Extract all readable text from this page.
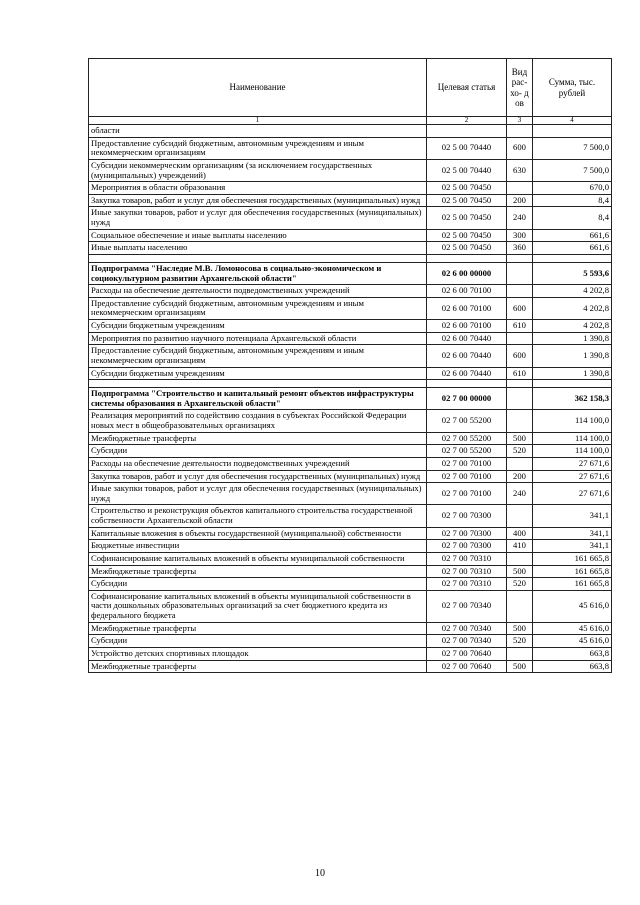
Наименование	Целевая статья	Вид рас- хо- дов	Сумма, тыс. рублей
1	2	3	4
области			
Предоставление субсидий бюджетным, автономным учреждениям и иным некоммерческим организациям	02 5 00 70440	600	7 500,0
Субсидии некоммерческим организациям (за исключением государственных (муниципальных) учреждений)	02 5 00 70440	630	7 500,0
Мероприятия в области образования	02 5 00 70450		670,0
Закупка товаров, работ и услуг для обеспечения государственных (муниципальных) нужд	02 5 00 70450	200	8,4
Иные закупки товаров, работ и услуг для обеспечения государственных (муниципальных) нужд	02 5 00 70450	240	8,4
Социальное обеспечение и иные выплаты населению	02 5 00 70450	300	661,6
Иные выплаты населению	02 5 00 70450	360	661,6

Подпрограмма "Наследие М.В. Ломоносова в социально-экономическом и социокультурном развитии Архангельской области"	02 6 00 00000		5 593,6
Расходы на обеспечение деятельности подведомственных учреждений	02 6 00 70100		4 202,8
Предоставление субсидий бюджетным, автономным учреждениям и иным некоммерческим организациям	02 6 00 70100	600	4 202,8
Субсидии бюджетным учреждениям	02 6 00 70100	610	4 202,8
Мероприятия по развитию научного потенциала Архангельской области	02 6 00 70440		1 390,8
Предоставление субсидий бюджетным, автономным учреждениям и иным некоммерческим организациям	02 6 00 70440	600	1 390,8
Субсидии бюджетным учреждениям	02 6 00 70440	610	1 390,8

Подпрограмма "Строительство и капитальный ремонт объектов инфраструктуры системы образования в Архангельской области"	02 7 00 00000		362 158,3
Реализация мероприятий по содействию создания в субъектах Российской Федерации новых мест в общеобразовательных организациях	02 7 00 55200		114 100,0
Межбюджетные трансферты	02 7 00 55200	500	114 100,0
Субсидии	02 7 00 55200	520	114 100,0
Расходы на обеспечение деятельности подведомственных учреждений	02 7 00 70100		27 671,6
Закупка товаров, работ и услуг для обеспечения государственных (муниципальных) нужд	02 7 00 70100	200	27 671,6
Иные закупки товаров, работ и услуг для обеспечения государственных (муниципальных) нужд	02 7 00 70100	240	27 671,6
Строительство и реконструкция объектов капитального строительства государственной собственности Архангельской области	02 7 00 70300		341,1
Капитальные вложения в объекты государственной (муниципальной) собственности	02 7 00 70300	400	341,1
Бюджетные инвестиции	02 7 00 70300	410	341,1
Софинансирование капитальных вложений в объекты муниципальной собственности	02 7 00 70310		161 665,8
Межбюджетные трансферты	02 7 00 70310	500	161 665,8
Субсидии	02 7 00 70310	520	161 665,8
Софинансирование капитальных вложений в объекты муниципальной собственности в части дошкольных образовательных организаций за счет бюджетного кредита из федерального бюджета	02 7 00 70340		45 616,0
Межбюджетные трансферты	02 7 00 70340	500	45 616,0
Субсидии	02 7 00 70340	520	45 616,0
Устройство детских спортивных площадок	02 7 00 70640		663,8
Межбюджетные трансферты	02 7 00 70640	500	663,8
10
